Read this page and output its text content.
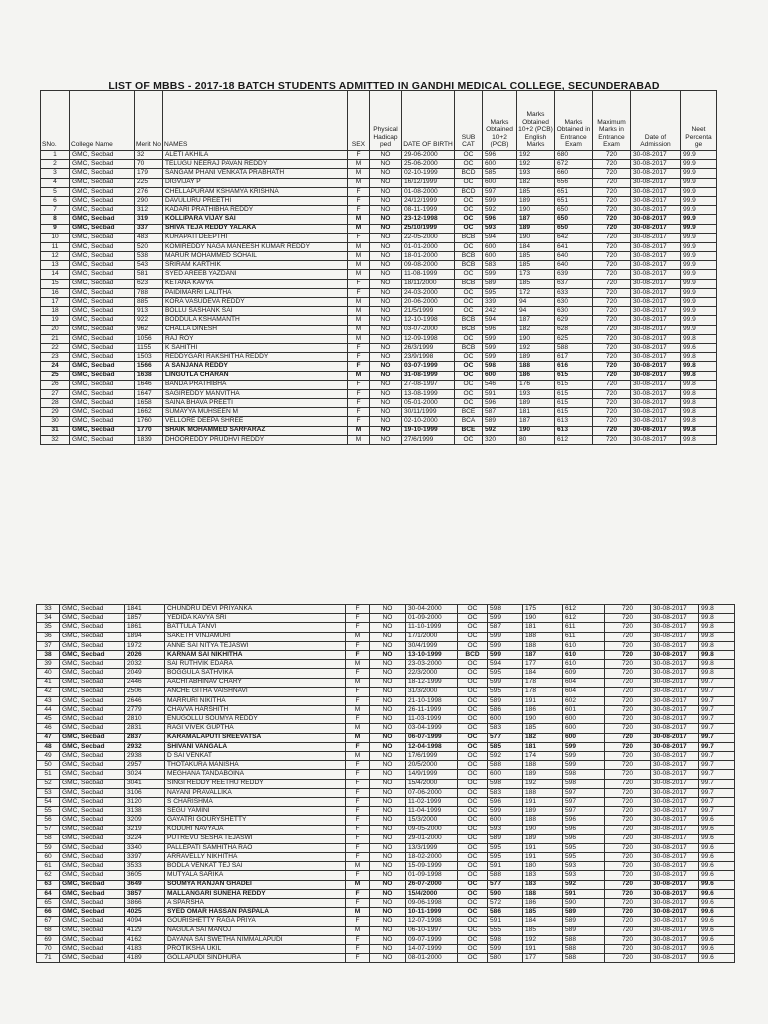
LIST OF MBBS - 2017-18 BATCH STUDENTS ADMITTED IN GANDHI MEDICAL COLLEGE, SECUNDERABAD
SNo.	College Name	Merit No	NAMES	SEX	Physical Hadicap ped	DATE OF BIRTH	SUB CAT	Marks Obtained 10+2 (PCB)	Marks Obtained 10+2 (PCB) English Marks	Marks Obtained in Entrance Exam	Maximum Marks in Entrance Exam	Date of Admission	Neet Percenta ge
1	GMC, Secbad	32	ALETI AKHILA	F	NO	29-06-2000	OC	596	192	680	720	30-08-2017	99.9
2	GMC, Secbad	70	TELUGU NEERAJ PAVAN REDDY	M	NO	25-06-2000	OC	600	192	672	720	30-08-2017	99.9
3	GMC, Secbad	179	SANGAM PHANI VENKATA PRABHATH	M	NO	02-10-1999	BCD	585	193	660	720	30-08-2017	99.9
4	GMC, Secbad	225	DIGVIJAY P	M	NO	16/12/1999	OC	600	182	656	720	30-08-2017	99.9
5	GMC, Secbad	276	CHELLAPURAM KSHAMYA KRISHNA	F	NO	01-08-2000	BCD	597	185	651	720	30-08-2017	99.9
6	GMC, Secbad	290	DAVULURU PREETHI	F	NO	24/12/1999	OC	599	189	651	720	30-08-2017	99.9
7	GMC, Secbad	312	KADARI PRATHIBHA REDDY	F	NO	08-11-1999	OC	592	190	650	720	30-08-2017	99.9
8	GMC, Secbad	319	KOLLIPARA VIJAY SAI	M	NO	23-12-1998	OC	596	187	650	720	30-08-2017	99.9
9	GMC, Secbad	337	SHIVA TEJA REDDY YALAKA	M	NO	25/10/1999	OC	593	189	650	720	30-08-2017	99.9
10	GMC, Secbad	483	KURAPATI DEEPTHI	F	NO	22-05-2000	BCB	594	190	642	720	30-08-2017	99.9
11	GMC, Secbad	520	KOMIREDDY NAGA MANEESH KUMAR REDDY	M	NO	01-01-2000	OC	600	184	641	720	30-08-2017	99.9
12	GMC, Secbad	538	MARUR MOHAMMED SOHAIL	M	NO	18-01-2000	BCB	600	185	640	720	30-08-2017	99.9
13	GMC, Secbad	543	SRIRAM KARTHIK	M	NO	09-08-2000	BCB	583	185	640	720	30-08-2017	99.9
14	GMC, Secbad	581	SYED AREEB YAZDANI	M	NO	11-08-1999	OC	599	173	639	720	30-08-2017	99.9
15	GMC, Secbad	623	KETANA KAVYA	F	NO	18/11/2000	BCB	589	185	637	720	30-08-2017	99.9
16	GMC, Secbad	788	PAIDIMARRI LALITHA	F	NO	24-03-2000	OC	595	172	633	720	30-08-2017	99.9
17	GMC, Secbad	885	KORA VASUDEVA REDDY	M	NO	20-06-2000	OC	339	94	630	720	30-08-2017	99.9
18	GMC, Secbad	913	BOLLU SASHANK SAI	M	NO	21/5/1999	OC	242	94	630	720	30-08-2017	99.9
19	GMC, Secbad	922	BODDULA KSHAMANTH	M	NO	12-10-1998	BCB	594	187	629	720	30-08-2017	99.9
20	GMC, Secbad	962	CHALLA DINESH	M	NO	03-07-2000	BCB	596	182	628	720	30-08-2017	99.9
21	GMC, Secbad	1056	RAJ ROY	M	NO	12-09-1998	OC	599	190	625	720	30-08-2017	99.8
22	GMC, Secbad	1155	K SAHITHI	F	NO	26/3/1999	BCB	599	192	588	720	30-08-2017	99.6
23	GMC, Secbad	1503	REDDYGARI RAKSHITHA REDDY	F	NO	23/9/1998	OC	599	189	617	720	30-08-2017	99.8
24	GMC, Secbad	1566	A SANJANA REDDY	F	NO	03-07-1999	OC	598	188	616	720	30-08-2017	99.8
25	GMC, Secbad	1638	LINGUTLA CHARAN	M	NO	31-08-1999	OC	600	186	615	720	30-08-2017	99.8
26	GMC, Secbad	1646	BANDA PRATHIBHA	F	NO	27-08-1997	OC	546	176	615	720	30-08-2017	99.8
27	GMC, Secbad	1647	SAGIREDDY MANVITHA	F	NO	13-08-1999	OC	591	193	615	720	30-08-2017	99.8
28	GMC, Secbad	1658	SAINA BHAVA PREETI	F	NO	05-01-2000	OC	596	189	615	720	30-08-2017	99.8
29	GMC, Secbad	1662	SUMAYYA MUHSEEN M	F	NO	30/11/1999	BCE	587	181	615	720	30-08-2017	99.8
30	GMC, Secbad	1760	VELLORE DEEPA SHREE	F	NO	02-10-2000	BCA	589	187	613	720	30-08-2017	99.8
31	GMC, Secbad	1770	SHAIK MOHAMMED SARFARAZ	M	NO	19-10-1999	BCE	592	190	613	720	30-08-2017	99.8
32	GMC, Secbad	1839	DHOOREDDY PRUDHVI REDDY	M	NO	27/6/1999	OC	320	80	612	720	30-08-2017	99.8
33	GMC, Secbad	1841	CHUNDRU DEVI PRIYANKA	F	NO	30-04-2000	OC	598	175	612	720	30-08-2017	99.8
34	GMC, Secbad	1857	YEDIDA KAVYA SRI	F	NO	01-09-2000	OC	599	190	612	720	30-08-2017	99.8
35	GMC, Secbad	1861	BATTULA TANVI	F	NO	11-10-1999	OC	587	181	611	720	30-08-2017	99.8
36	GMC, Secbad	1894	SAKETH VINJAMURI	M	NO	17/1/2000	OC	599	188	611	720	30-08-2017	99.8
37	GMC, Secbad	1972	ANNE SAI NITYA TEJASWI	F	NO	30/4/1999	OC	599	188	610	720	30-08-2017	99.8
38	GMC, Secbad	2026	KARNAM SAI NIKHITHA	F	NO	13-10-1999	BCD	599	187	610	720	30-08-2017	99.8
39	GMC, Secbad	2032	SAI RUTHVIK EDARA	M	NO	23-03-2000	OC	594	177	610	720	30-08-2017	99.8
40	GMC, Secbad	2049	BOGGULA SATHVIKA	F	NO	22/3/2000	OC	595	184	609	720	30-08-2017	99.8
41	GMC, Secbad	2446	AACHI ABHINAV CHARY	M	NO	18-12-1999	OC	599	178	604	720	30-08-2017	99.7
42	GMC, Secbad	2506	ANCHE GITHA VAISHNAVI	F	NO	31/3/2000	OC	595	178	604	720	30-08-2017	99.7
43	GMC, Secbad	2646	MARRURI NIKITHA	F	NO	21-10-1998	OC	589	191	602	720	30-08-2017	99.7
44	GMC, Secbad	2779	CHAVVA HARSHITH	M	NO	26-11-1999	OC	586	186	601	720	30-08-2017	99.7
45	GMC, Secbad	2810	ENUGOLLU SOUMYA REDDY	F	NO	11-03-1999	OC	600	190	600	720	30-08-2017	99.7
46	GMC, Secbad	2831	RAGI VIVEK GUPTHA	M	NO	03-04-1999	OC	583	185	600	720	30-08-2017	99.7
47	GMC, Secbad	2837	KARAMALAPUTI SREEVATSA	M	NO	06-07-1999	OC	577	182	600	720	30-08-2017	99.7
48	GMC, Secbad	2932	SHIVANI VANGALA	F	NO	12-04-1998	OC	585	181	599	720	30-08-2017	99.7
49	GMC, Secbad	2938	D SAI VENKAT	M	NO	17/6/1999	OC	592	174	599	720	30-08-2017	99.7
50	GMC, Secbad	2957	THOTAKURA MANISHA	F	NO	20/5/2000	OC	588	188	599	720	30-08-2017	99.7
51	GMC, Secbad	3024	MEGHANA TANDABOINA	F	NO	14/9/1999	OC	600	189	598	720	30-08-2017	99.7
52	GMC, Secbad	3041	SINGI REDDY REETHU REDDY	F	NO	15/4/2000	OC	598	192	598	720	30-08-2017	99.7
53	GMC, Secbad	3106	NAYANI PRAVALLIKA	F	NO	07-06-2000	OC	583	188	597	720	30-08-2017	99.7
54	GMC, Secbad	3120	S CHARISHMA	F	NO	11-02-1999	OC	596	191	597	720	30-08-2017	99.7
55	GMC, Secbad	3138	SEGU YAMINI	F	NO	11-04-1999	OC	599	189	597	720	30-08-2017	99.7
56	GMC, Secbad	3209	GAYATRI GOURYSHETTY	F	NO	15/3/2000	OC	600	188	596	720	30-08-2017	99.6
57	GMC, Secbad	3219	KODURI NAVYAJA	F	NO	09-05-2000	OC	593	190	596	720	30-08-2017	99.6
58	GMC, Secbad	3224	PUTREVU SESHA TEJASWI	F	NO	29-01-2000	OC	589	189	596	720	30-08-2017	99.6
59	GMC, Secbad	3340	PALLEPATI SAMHITHA RAO	F	NO	13/3/1999	OC	595	191	595	720	30-08-2017	99.6
60	GMC, Secbad	3397	ARRAVELLY NIKHITHA	F	NO	18-02-2000	OC	595	191	595	720	30-08-2017	99.6
61	GMC, Secbad	3533	BODLA VENKAT TEJ SAI	M	NO	15-09-1999	OC	591	180	593	720	30-08-2017	99.6
62	GMC, Secbad	3605	MUTYALA SARIKA	F	NO	01-09-1998	OC	588	183	593	720	30-08-2017	99.6
63	GMC, Secbad	3649	SOUMYA RANJAN GHADEI	M	NO	26-07-2000	OC	577	183	592	720	30-08-2017	99.6
64	GMC, Secbad	3857	MALLANGARI SUNEHA REDDY	F	NO	15/4/2000	OC	590	188	591	720	30-08-2017	99.6
65	GMC, Secbad	3866	A SPARSHA	F	NO	09-06-1998	OC	572	186	590	720	30-08-2017	99.6
66	GMC, Secbad	4025	SYED OMAR HASSAN PASPALA	M	NO	10-11-1999	OC	586	185	589	720	30-08-2017	99.6
67	GMC, Secbad	4094	GOURISHETTY RAGA PRIYA	F	NO	12-07-1998	OC	591	184	589	720	30-08-2017	99.6
68	GMC, Secbad	4129	NAGULA SAI MANOJ	M	NO	06-10-1997	OC	555	185	589	720	30-08-2017	99.6
69	GMC, Secbad	4162	DAYANA SAI SWETHA NIMMALAPUDI	F	NO	09-07-1999	OC	598	192	588	720	30-08-2017	99.6
70	GMC, Secbad	4183	PROTIKSHA UKIL	F	NO	14-07-1999	OC	599	191	588	720	30-08-2017	99.6
71	GMC, Secbad	4189	GOLLAPUDI SINDHURA	F	NO	08-01-2000	OC	580	177	588	720	30-08-2017	99.6
